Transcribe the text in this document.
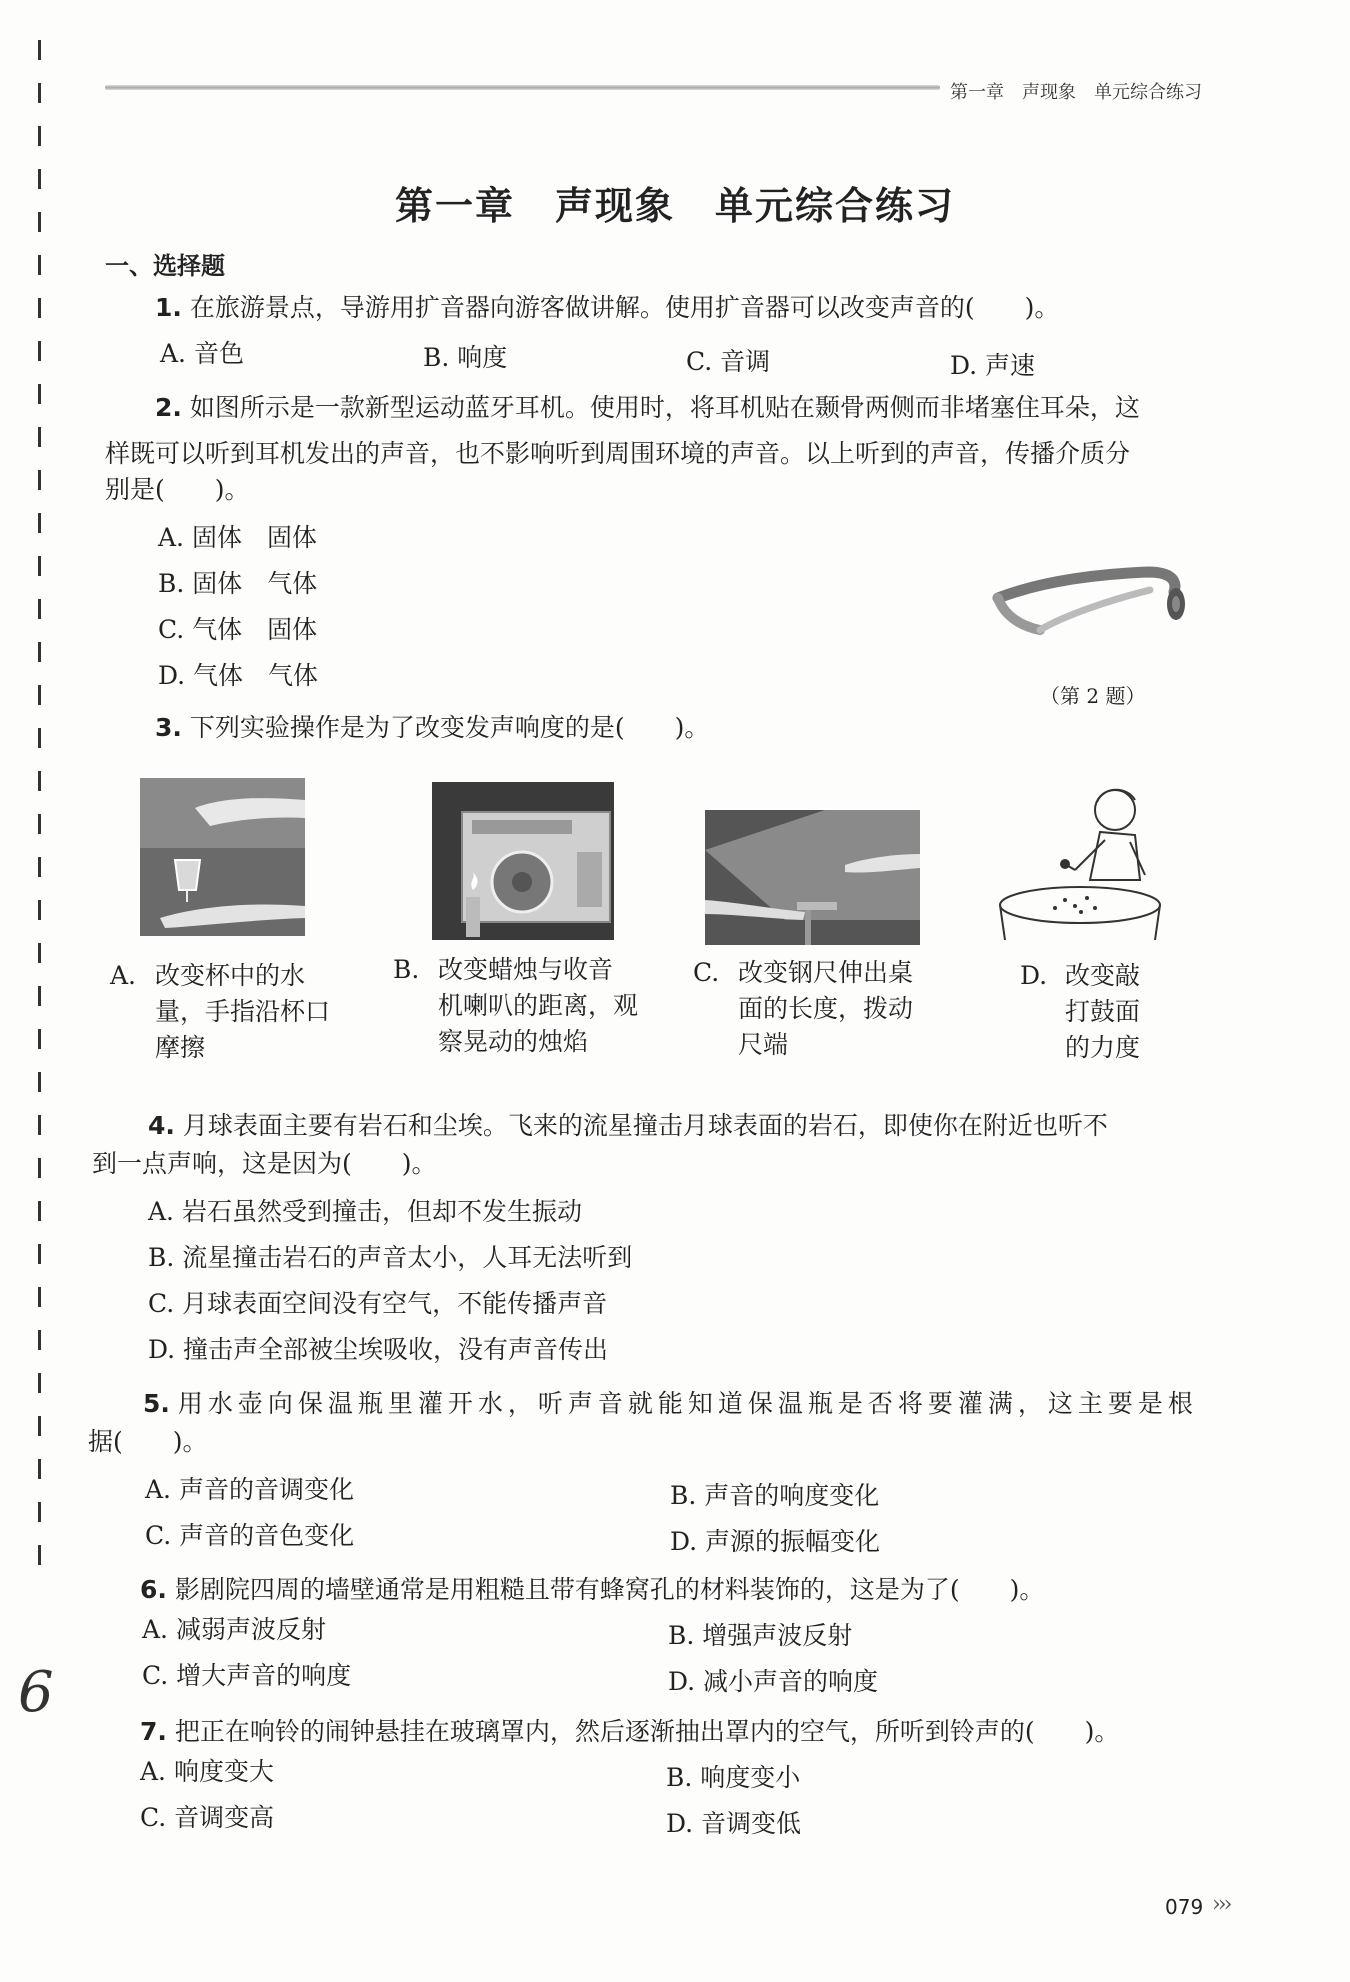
6
第一章　声现象　单元综合练习
第一章　声现象　单元综合练习
一、选择题
1. 在旅游景点，导游用扩音器向游客做讲解。使用扩音器可以改变声音的(　　)。
A. 音色	B. 响度	C. 音调	D. 声速
2. 如图所示是一款新型运动蓝牙耳机。使用时，将耳机贴在颞骨两侧而非堵塞住耳朵，这
样既可以听到耳机发出的声音，也不影响听到周围环境的声音。以上听到的声音，传播介质分
别是(　　)。
A. 固体　固体
B. 固体　气体
C. 气体　固体
D. 气体　气体
（第 2 题）
3. 下列实验操作是为了改变发声响度的是(　　)。
A. 改变杯中的水
量，手指沿杯口
摩擦
B. 改变蜡烛与收音
机喇叭的距离，观
察晃动的烛焰
C. 改变钢尺伸出桌
面的长度，拨动
尺端
D. 改变敲
打鼓面
的力度
4. 月球表面主要有岩石和尘埃。飞来的流星撞击月球表面的岩石，即使你在附近也听不
到一点声响，这是因为(　　)。
A. 岩石虽然受到撞击，但却不发生振动
B. 流星撞击岩石的声音太小，人耳无法听到
C. 月球表面空间没有空气，不能传播声音
D. 撞击声全部被尘埃吸收，没有声音传出
5. 用水壶向保温瓶里灌开水，听声音就能知道保温瓶是否将要灌满，这主要是根
据(　　)。
A. 声音的音调变化	B. 声音的响度变化
C. 声音的音色变化	D. 声源的振幅变化
6. 影剧院四周的墙壁通常是用粗糙且带有蜂窝孔的材料装饰的，这是为了(　　)。
A. 减弱声波反射	B. 增强声波反射
C. 增大声音的响度	D. 减小声音的响度
7. 把正在响铃的闹钟悬挂在玻璃罩内，然后逐渐抽出罩内的空气，所听到铃声的(　　)。
A. 响度变大	B. 响度变小
C. 音调变高	D. 音调变低
079 ›››
